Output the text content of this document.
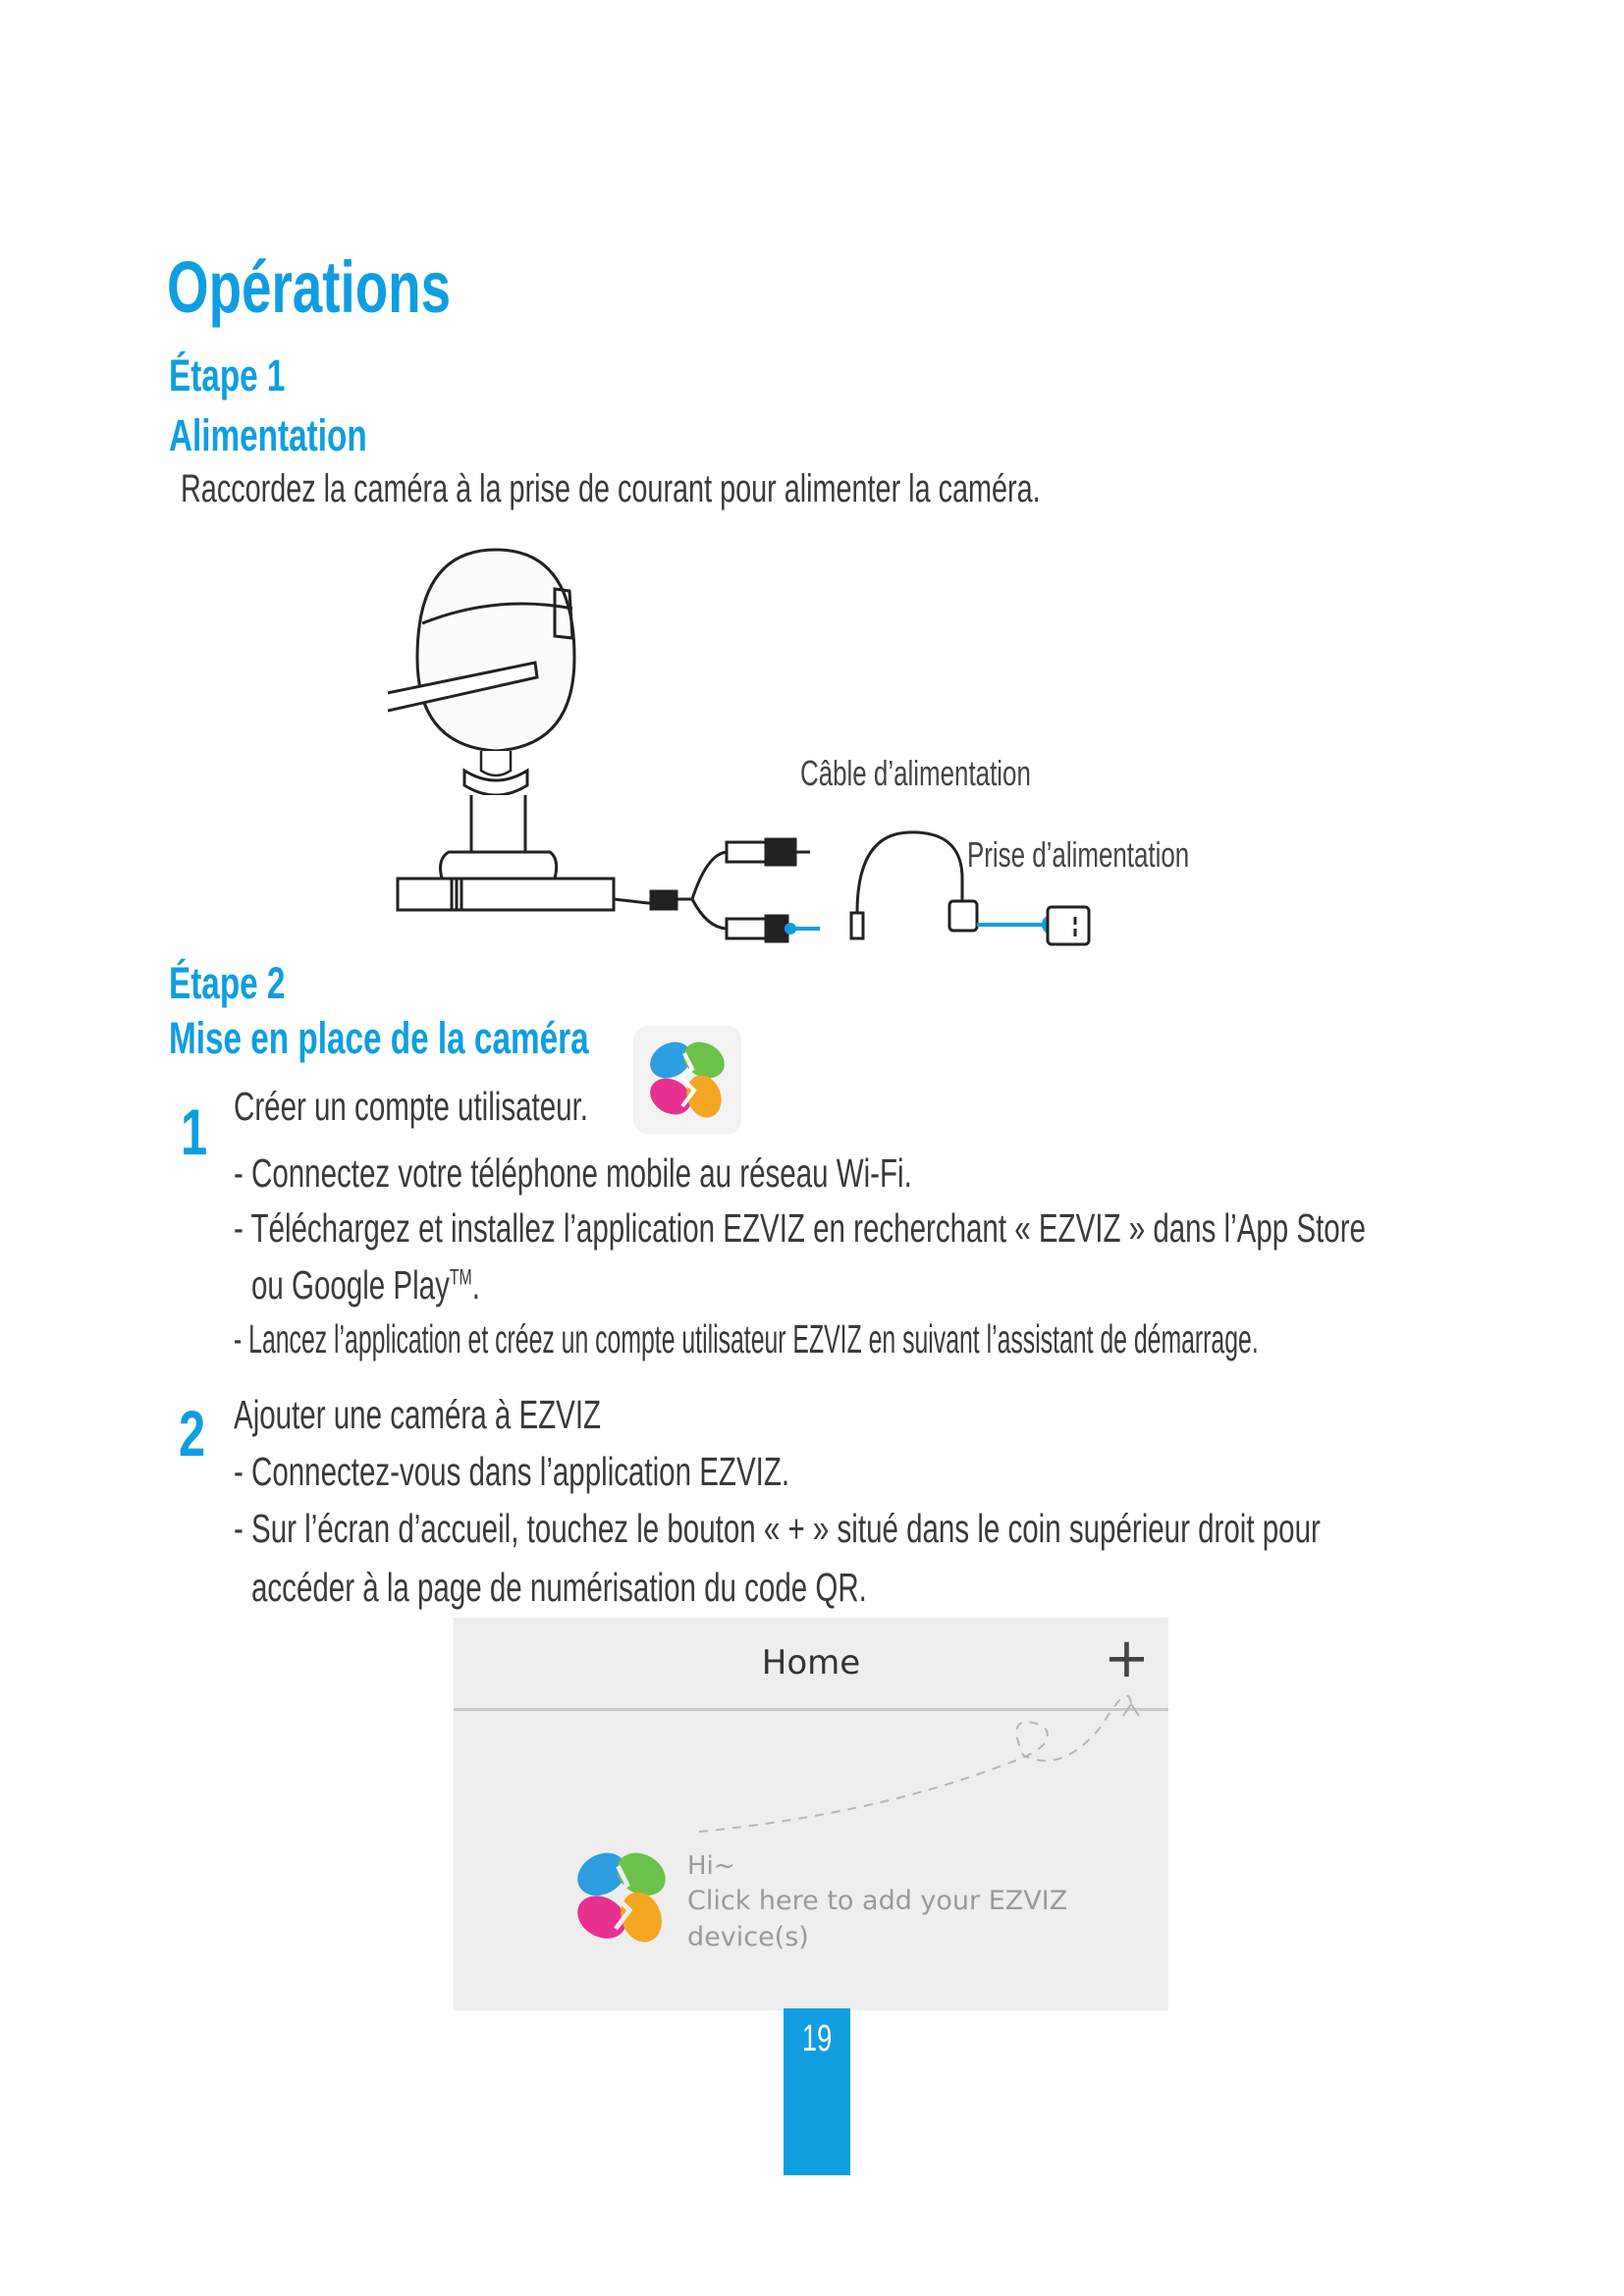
Opérations
Étape 1
Alimentation
Raccordez la caméra à la prise de courant pour alimenter la caméra.
Câble d’alimentation
Prise d’alimentation
Étape 2
Mise en place de la caméra
1 Créer un compte utilisateur.
- Connectez votre téléphone mobile au réseau Wi-Fi.
- Téléchargez et installez l’application EZVIZ en recherchant « EZVIZ » dans l’App Store
ou Google Play™.
- Lancez l’application et créez un compte utilisateur EZVIZ en suivant l’assistant de démarrage.
2 Ajouter une caméra à EZVIZ
- Connectez-vous dans l’application EZVIZ.
- Sur l’écran d’accueil, touchez le bouton « + » situé dans le coin supérieur droit pour
accéder à la page de numérisation du code QR.
Home	+
Hi~
Click here to add your EZVIZ device(s)
19
